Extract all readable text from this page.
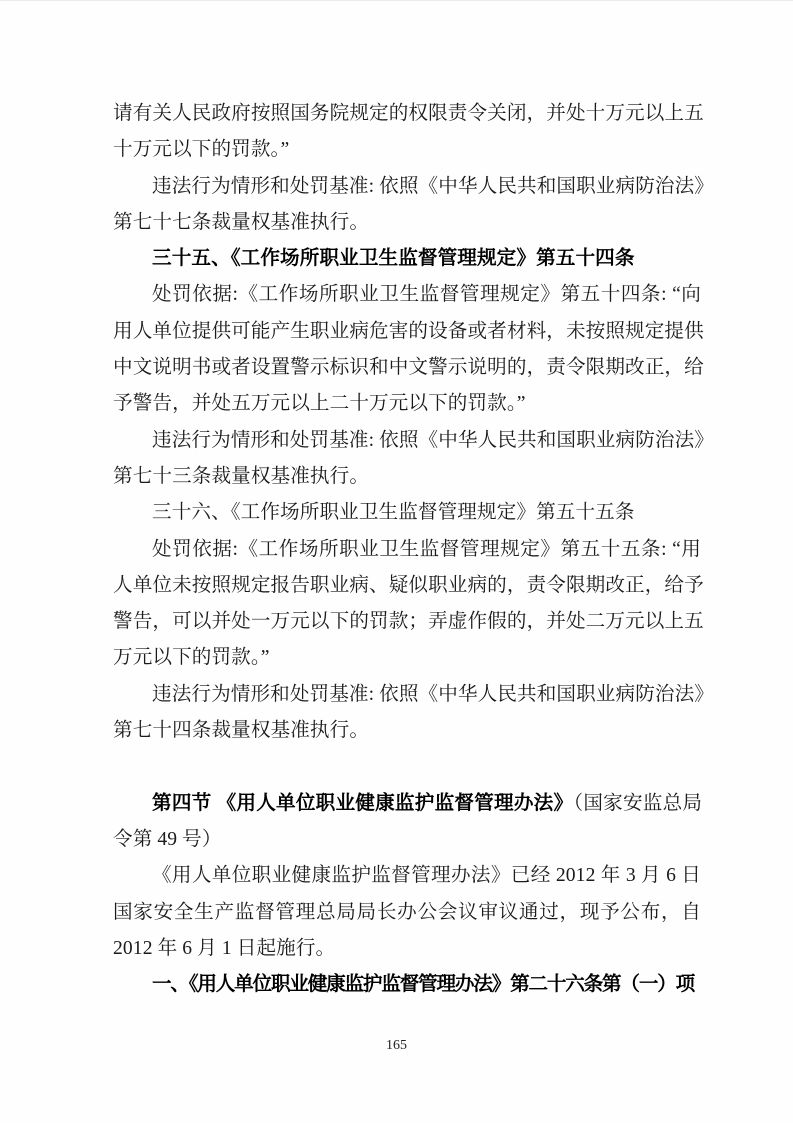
请有关人民政府按照国务院规定的权限责令关闭，并处十万元以上五
十万元以下的罚款。”
违法行为情形和处罚基准: 依照《中华人民共和国职业病防治法》
第七十七条裁量权基准执行。
三十五、《工作场所职业卫生监督管理规定》第五十四条
处罚依据:《工作场所职业卫生监督管理规定》第五十四条: “向
用人单位提供可能产生职业病危害的设备或者材料，未按照规定提供
中文说明书或者设置警示标识和中文警示说明的，责令限期改正，给
予警告，并处五万元以上二十万元以下的罚款。”
违法行为情形和处罚基准: 依照《中华人民共和国职业病防治法》
第七十三条裁量权基准执行。
三十六、《工作场所职业卫生监督管理规定》第五十五条
处罚依据:《工作场所职业卫生监督管理规定》第五十五条: “用
人单位未按照规定报告职业病、疑似职业病的，责令限期改正，给予
警告，可以并处一万元以下的罚款；弄虚作假的，并处二万元以上五
万元以下的罚款。”
违法行为情形和处罚基准: 依照《中华人民共和国职业病防治法》
第七十四条裁量权基准执行。
第四节 《用人单位职业健康监护监督管理办法》（国家安监总局
令第 49 号）
《用人单位职业健康监护监督管理办法》已经 2012 年 3 月 6 日
国家安全生产监督管理总局局长办公会议审议通过，现予公布，自
2012 年 6 月 1 日起施行。
一、《用人单位职业健康监护监督管理办法》第二十六条第（一）项
165
